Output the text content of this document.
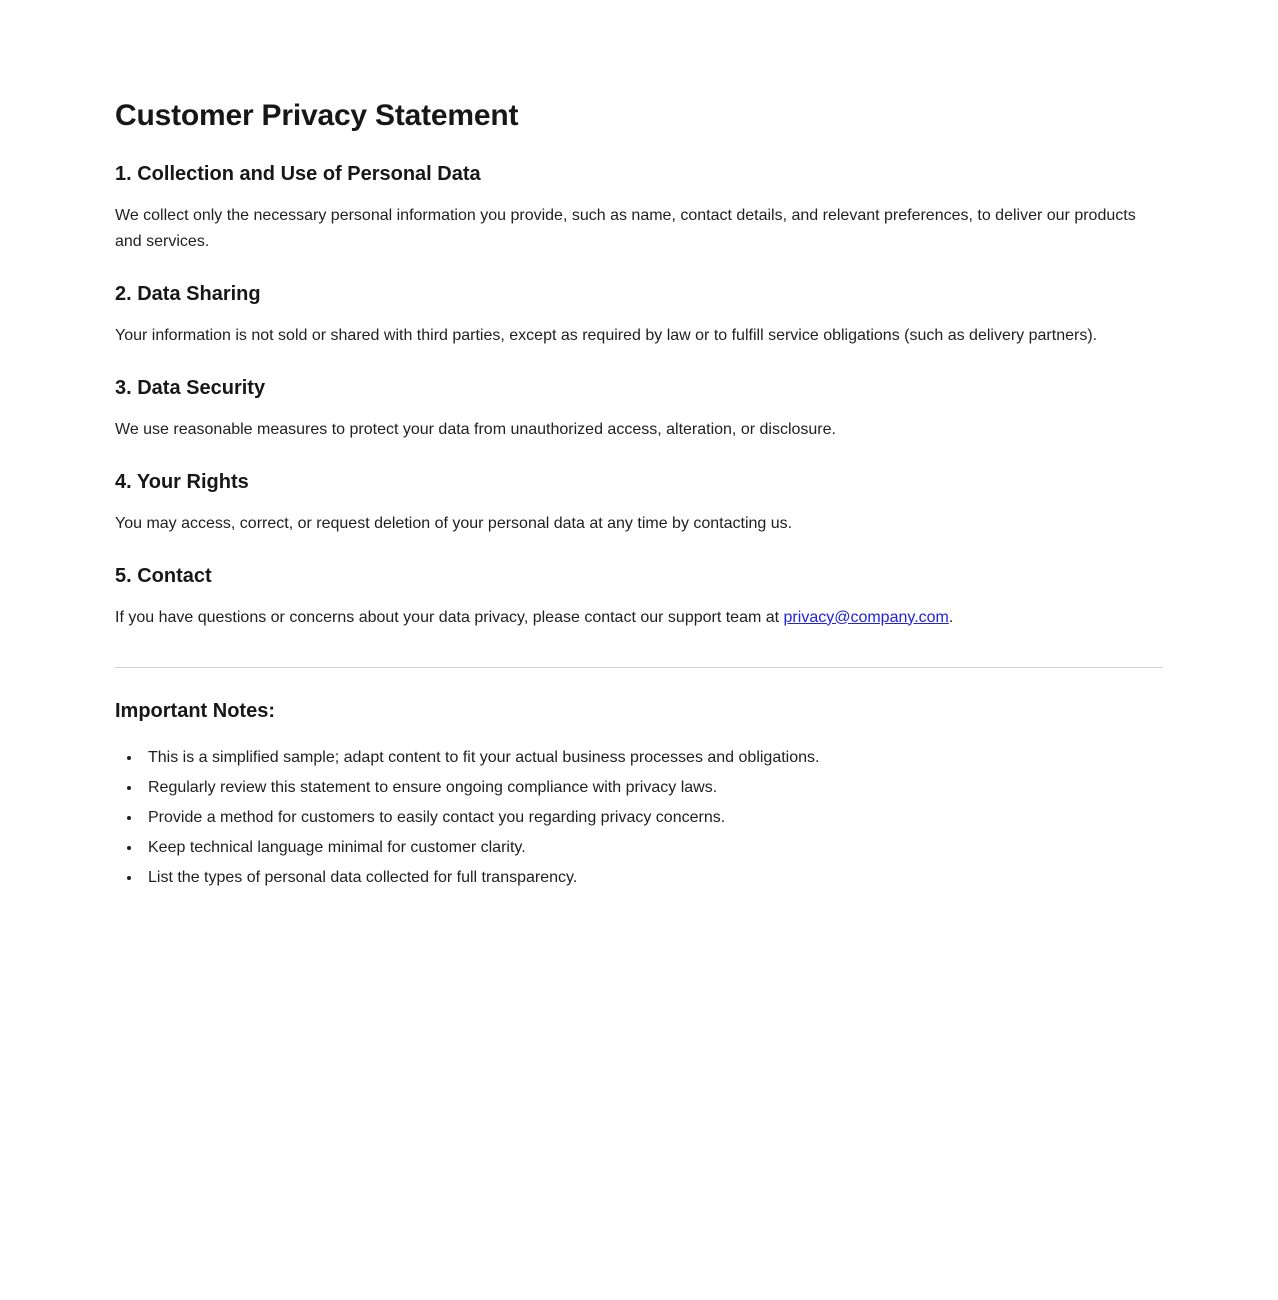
Customer Privacy Statement
1. Collection and Use of Personal Data

We collect only the necessary personal information you provide, such as name, contact details, and relevant preferences, to deliver our products and services.

2. Data Sharing

Your information is not sold or shared with third parties, except as required by law or to fulfill service obligations (such as delivery partners).

3. Data Security

We use reasonable measures to protect your data from unauthorized access, alteration, or disclosure.

4. Your Rights

You may access, correct, or request deletion of your personal data at any time by contacting us.

5. Contact

If you have questions or concerns about your data privacy, please contact our support team at privacy@company.com.

Important Notes:
• This is a simplified sample; adapt content to fit your actual business processes and obligations.
• Regularly review this statement to ensure ongoing compliance with privacy laws.
• Provide a method for customers to easily contact you regarding privacy concerns.
• Keep technical language minimal for customer clarity.
• List the types of personal data collected for full transparency.
